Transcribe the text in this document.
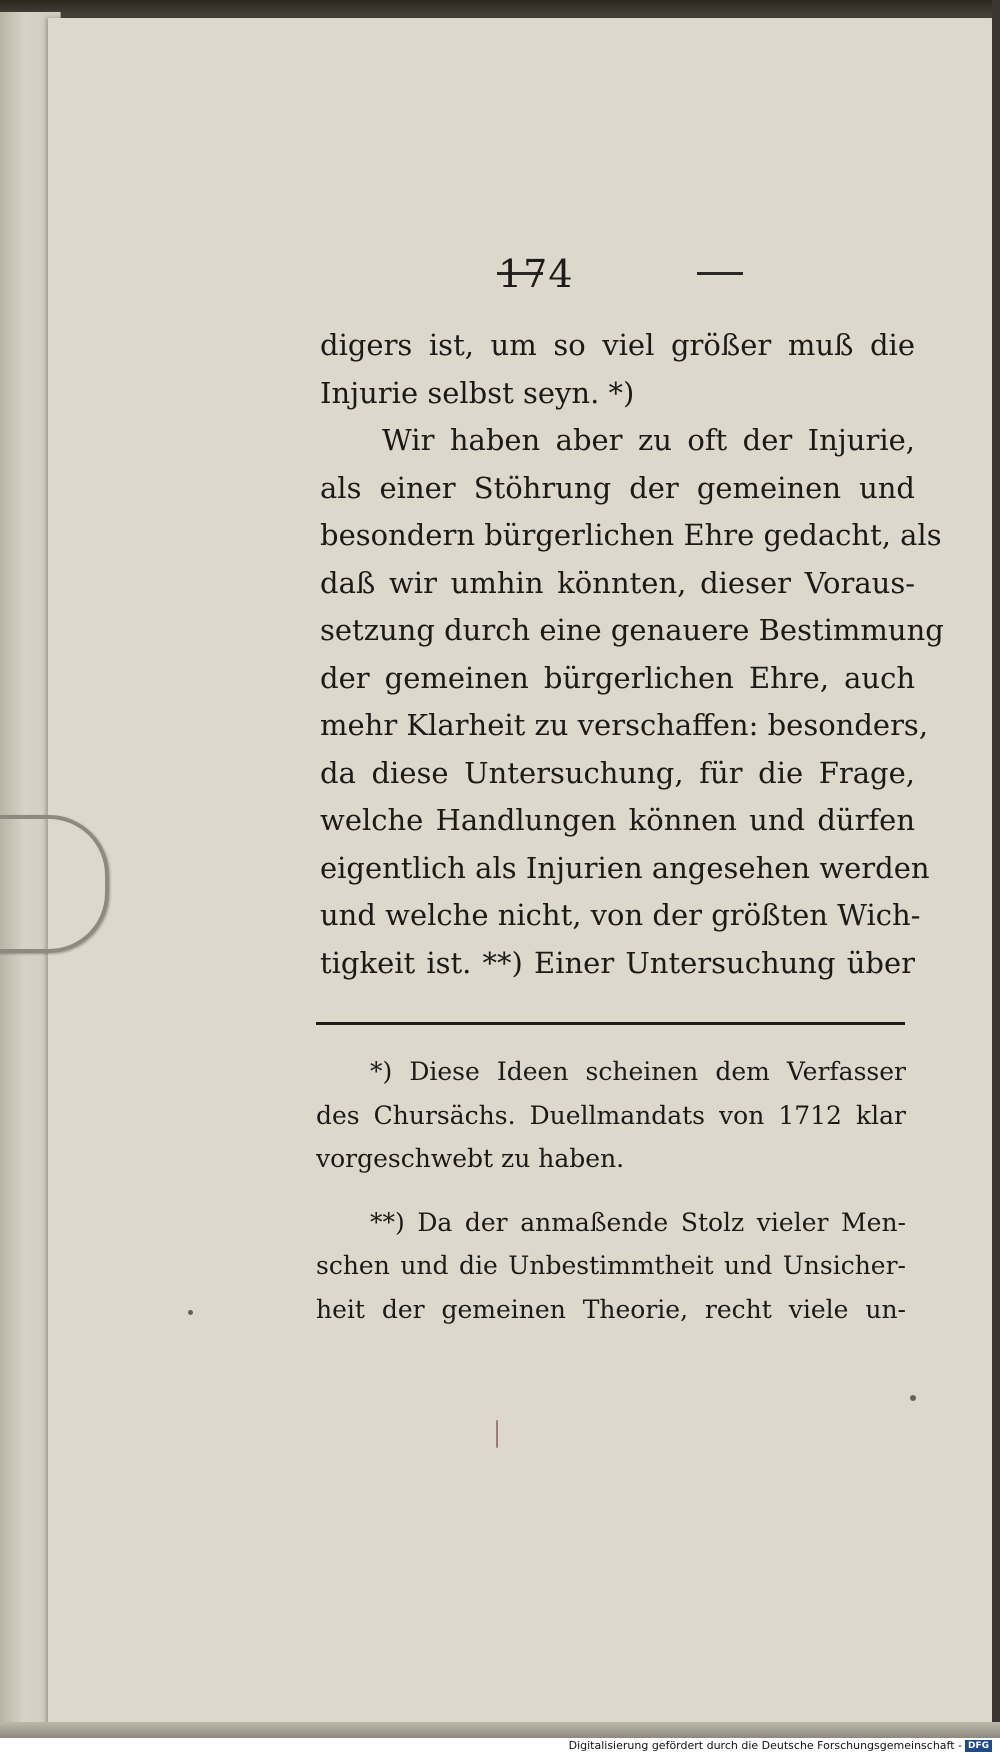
174
digers ist, um so viel größer muß die
Injurie selbst seyn. *)
Wir haben aber zu oft der Injurie,
als einer Stöhrung der gemeinen und
besondern bürgerlichen Ehre gedacht, als
daß wir umhin könnten, dieser Voraus-
setzung durch eine genauere Bestimmung
der gemeinen bürgerlichen Ehre, auch
mehr Klarheit zu verschaffen: besonders,
da diese Untersuchung, für die Frage,
welche Handlungen können und dürfen
eigentlich als Injurien angesehen werden
und welche nicht, von der größten Wich-
tigkeit ist. **) Einer Untersuchung über
*) Diese Ideen scheinen dem Verfasser
des Chursächs. Duellmandats von 1712 klar
vorgeschwebt zu haben.
**) Da der anmaßende Stolz vieler Men-
schen und die Unbestimmtheit und Unsicher-
heit der gemeinen Theorie, recht viele un-
Digitalisierung gefördert durch die Deutsche Forschungsgemeinschaft - DFG
